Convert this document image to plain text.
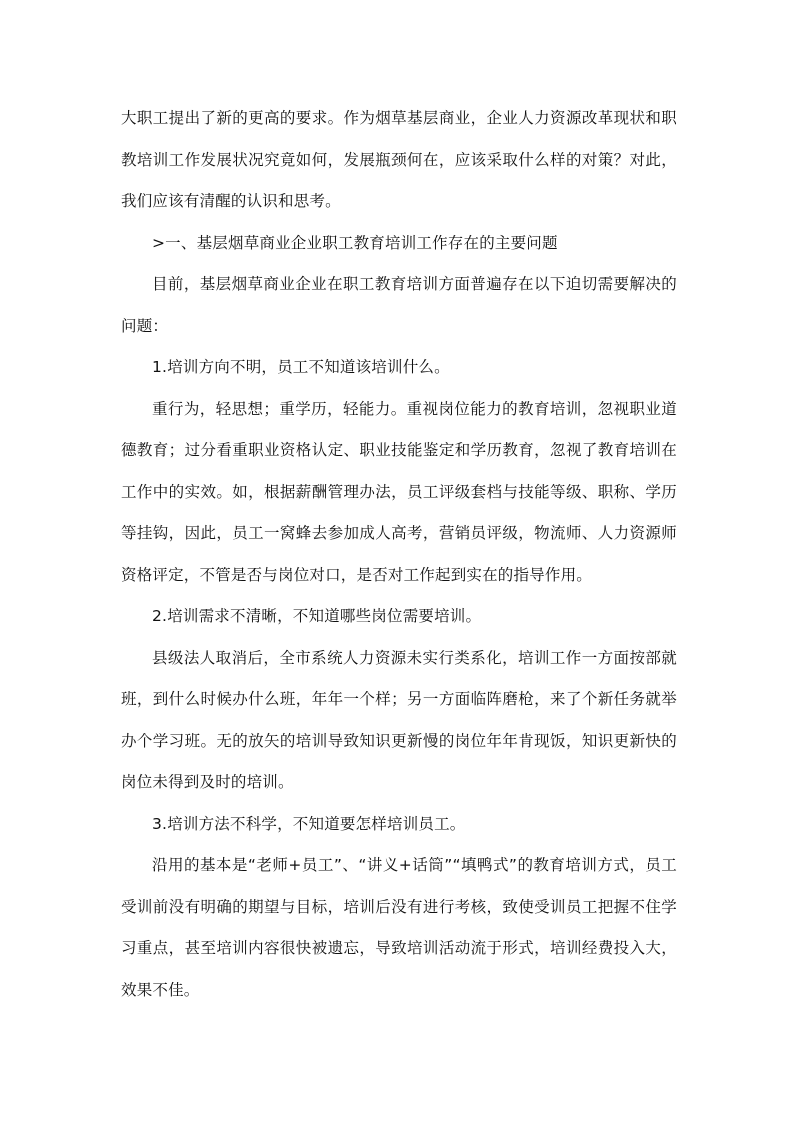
大职工提出了新的更高的要求。作为烟草基层商业，企业人力资源改革现状和职教培训工作发展状况究竟如何，发展瓶颈何在，应该采取什么样的对策？对此，我们应该有清醒的认识和思考。

>一、基层烟草商业企业职工教育培训工作存在的主要问题

目前，基层烟草商业企业在职工教育培训方面普遍存在以下迫切需要解决的问题：

1.培训方向不明，员工不知道该培训什么。

重行为，轻思想；重学历，轻能力。重视岗位能力的教育培训，忽视职业道德教育；过分看重职业资格认定、职业技能鉴定和学历教育，忽视了教育培训在工作中的实效。如，根据薪酬管理办法，员工评级套档与技能等级、职称、学历等挂钩，因此，员工一窝蜂去参加成人高考，营销员评级，物流师、人力资源师资格评定，不管是否与岗位对口，是否对工作起到实在的指导作用。

2.培训需求不清晰，不知道哪些岗位需要培训。

县级法人取消后，全市系统人力资源未实行类系化，培训工作一方面按部就班，到什么时候办什么班，年年一个样；另一方面临阵磨枪，来了个新任务就举办个学习班。无的放矢的培训导致知识更新慢的岗位年年肯现饭，知识更新快的岗位未得到及时的培训。

3.培训方法不科学，不知道要怎样培训员工。

沿用的基本是“老师+员工”、“讲义+话筒”“填鸭式”的教育培训方式，员工受训前没有明确的期望与目标，培训后没有进行考核，致使受训员工把握不住学习重点，甚至培训内容很快被遗忘，导致培训活动流于形式，培训经费投入大，效果不佳。
